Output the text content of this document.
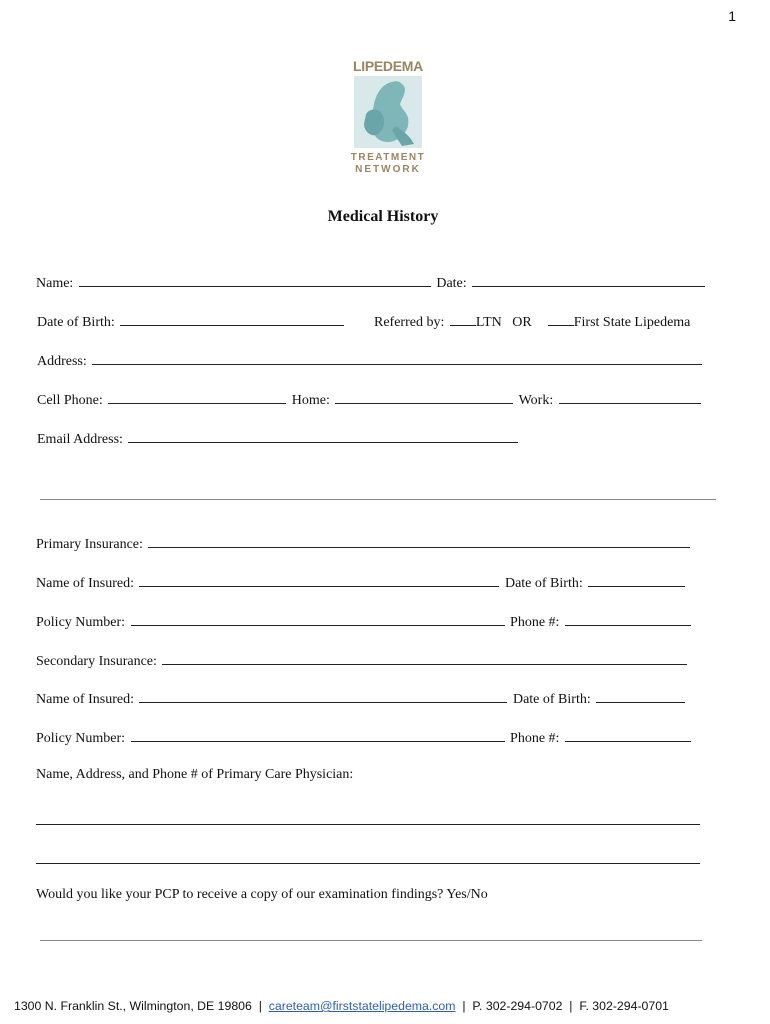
1
LIPEDEMA
TREATMENT
NETWORK
Medical History
Name:	Date:
Date of Birth:	Referred by: LTN OR	First State Lipedema
Address:
Cell Phone:	Home:	Work:
Email Address:
Primary Insurance:
Name of Insured:	Date of Birth:
Policy Number:	Phone #:
Secondary Insurance:
Name of Insured:	Date of Birth:
Policy Number:	Phone #:
Name, Address, and Phone # of Primary Care Physician:
Would you like your PCP to receive a copy of our examination findings? Yes/No
1300 N. Franklin St., Wilmington, DE 19806 | careteam@firststatelipedema.com | P. 302-294-0702 | F. 302-294-0701
